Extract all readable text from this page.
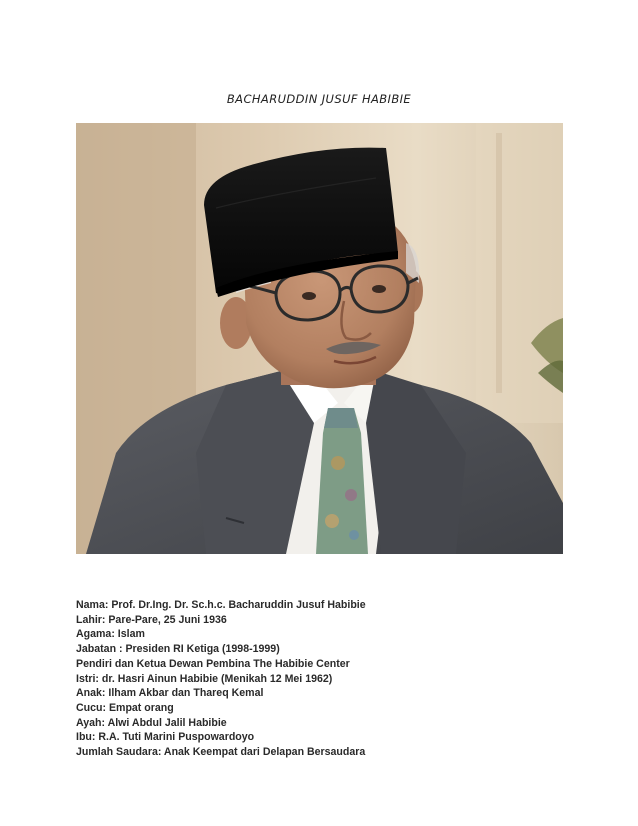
BACHARUDDIN JUSUF HABIBIE
Nama: Prof. Dr.Ing. Dr. Sc.h.c. Bacharuddin Jusuf Habibie
Lahir: Pare-Pare, 25 Juni 1936
Agama: Islam
Jabatan : Presiden RI Ketiga (1998-1999)
Pendiri dan Ketua Dewan Pembina The Habibie Center
Istri: dr. Hasri Ainun Habibie (Menikah 12 Mei 1962)
Anak: Ilham Akbar dan Thareq Kemal
Cucu: Empat orang
Ayah: Alwi Abdul Jalil Habibie
Ibu: R.A. Tuti Marini Puspowardoyo
Jumlah Saudara: Anak Keempat dari Delapan Bersaudara
